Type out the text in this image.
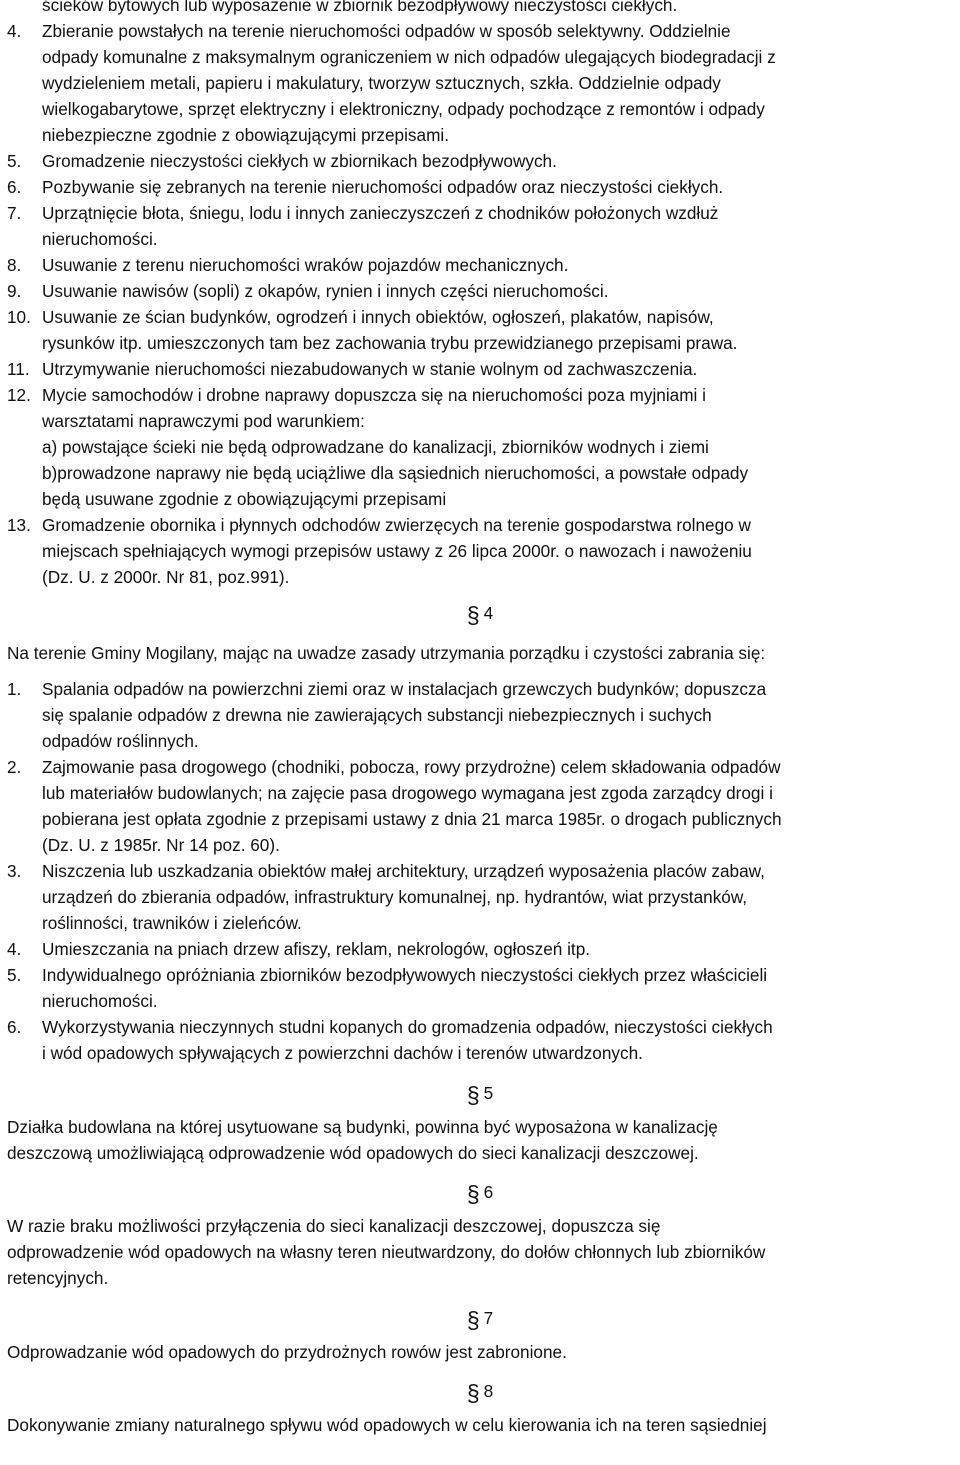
ścieków bytowych lub wyposażenie w zbiornik bezodpływowy nieczystości ciekłych.
4. Zbieranie powstałych na terenie nieruchomości odpadów w sposób selektywny. Oddzielnie
odpady komunalne z maksymalnym ograniczeniem w nich odpadów ulegających biodegradacji z
wydzieleniem metali, papieru i makulatury, tworzyw sztucznych, szkła. Oddzielnie odpady
wielkogabarytowe, sprzęt elektryczny i elektroniczny, odpady pochodzące z remontów i odpady
niebezpieczne zgodnie z obowiązującymi przepisami.
5. Gromadzenie nieczystości ciekłych w zbiornikach bezodpływowych.
6. Pozbywanie się zebranych na terenie nieruchomości odpadów oraz nieczystości ciekłych.
7. Uprzątnięcie błota, śniegu, lodu i innych zanieczyszczeń z chodników położonych wzdłuż
nieruchomości.
8. Usuwanie z terenu nieruchomości wraków pojazdów mechanicznych.
9. Usuwanie nawisów (sopli) z okapów, rynien i innych części nieruchomości.
10. Usuwanie ze ścian budynków, ogrodzeń i innych obiektów, ogłoszeń, plakatów, napisów,
rysunków itp. umieszczonych tam bez zachowania trybu przewidzianego przepisami prawa.
11. Utrzymywanie nieruchomości niezabudowanych w stanie wolnym od zachwaszczenia.
12. Mycie samochodów i drobne naprawy dopuszcza się na nieruchomości poza myjniami i
warsztatami naprawczymi pod warunkiem:
a) powstające ścieki nie będą odprowadzane do kanalizacji, zbiorników wodnych i ziemi
b)prowadzone naprawy nie będą uciążliwe dla sąsiednich nieruchomości, a powstałe odpady
będą usuwane zgodnie z obowiązującymi przepisami
13. Gromadzenie obornika i płynnych odchodów zwierzęcych na terenie gospodarstwa rolnego w
miejscach spełniających wymogi przepisów ustawy z 26 lipca 2000r. o nawozach i nawożeniu
(Dz. U. z 2000r. Nr 81, poz.991).
§ 4

Na terenie Gminy Mogilany, mając na uwadze zasady utrzymania porządku i czystości zabrania się:

1. Spalania odpadów na powierzchni ziemi oraz w instalacjach grzewczych budynków; dopuszcza
się spalanie odpadów z drewna nie zawierających substancji niebezpiecznych i suchych
odpadów roślinnych.
2. Zajmowanie pasa drogowego (chodniki, pobocza, rowy przydrożne) celem składowania odpadów
lub materiałów budowlanych; na zajęcie pasa drogowego wymagana jest zgoda zarządcy drogi i
pobierana jest opłata zgodnie z przepisami ustawy z dnia 21 marca 1985r. o drogach publicznych
(Dz. U. z 1985r. Nr 14 poz. 60).
3. Niszczenia lub uszkadzania obiektów małej architektury, urządzeń wyposażenia placów zabaw,
urządzeń do zbierania odpadów, infrastruktury komunalnej, np. hydrantów, wiat przystanków,
roślinności, trawników i zieleńców.
4. Umieszczania na pniach drzew afiszy, reklam, nekrologów, ogłoszeń itp.
5. Indywidualnego opróżniania zbiorników bezodpływowych nieczystości ciekłych przez właścicieli
nieruchomości.
6. Wykorzystywania nieczynnych studni kopanych do gromadzenia odpadów, nieczystości ciekłych
i wód opadowych spływających z powierzchni dachów i terenów utwardzonych.
§ 5

Działka budowlana na której usytuowane są budynki, powinna być wyposażona w kanalizację
deszczową umożliwiającą odprowadzenie wód opadowych do sieci kanalizacji deszczowej.

§ 6

W razie braku możliwości przyłączenia do sieci kanalizacji deszczowej, dopuszcza się
odprowadzenie wód opadowych na własny teren nieutwardzony, do dołów chłonnych lub zbiorników
retencyjnych.

§ 7

Odprowadzanie wód opadowych do przydrożnych rowów jest zabronione.

§ 8

Dokonywanie zmiany naturalnego spływu wód opadowych w celu kierowania ich na teren sąsiedniej
